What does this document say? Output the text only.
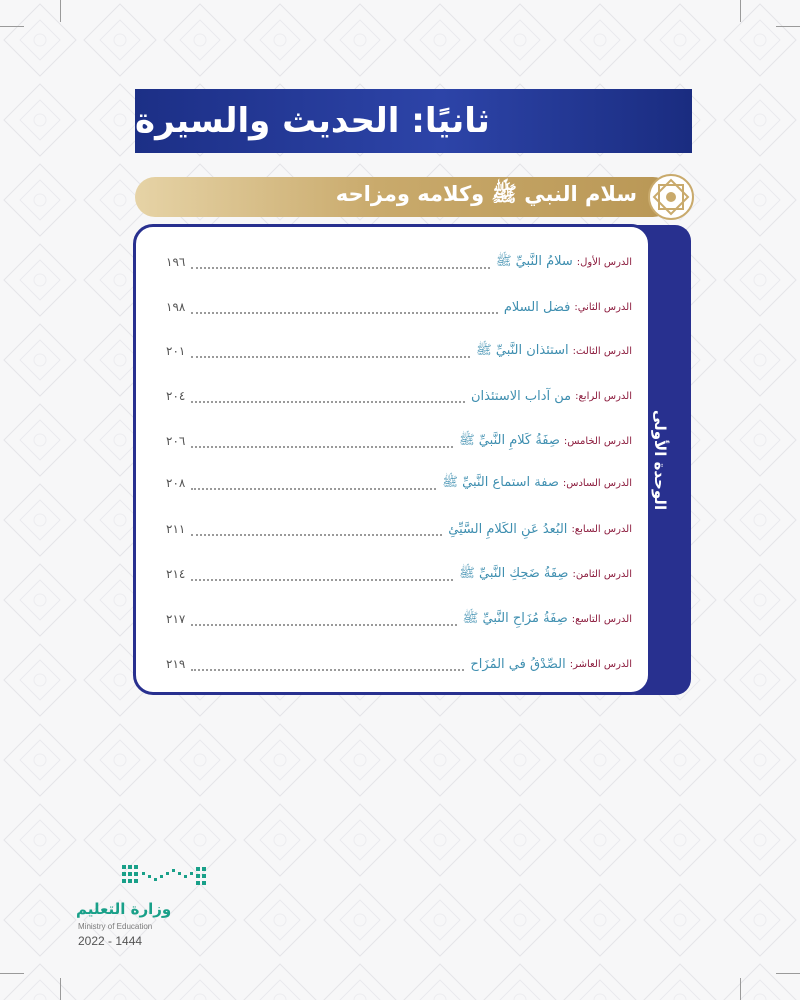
ثانيًا: الحديث والسيرة
سلام النبي ﷺ وكلامه ومزاحه
الوحدة الأولى
الدرس الأول:
سلامُ النَّبيِّ ﷺ
١٩٦
الدرس الثاني:
فضل السلام
١٩٨
الدرس الثالث:
استئذان النَّبيِّ ﷺ
٢٠١
الدرس الرابع:
من آداب الاستئذان
٢٠٤
الدرس الخامس:
صِفَةُ كَلامِ النَّبيِّ ﷺ
٢٠٦
الدرس السادس:
صفة استماع النَّبيِّ ﷺ
٢٠٨
الدرس السابع:
البُعدُ عَنِ الكَلامِ السَّيِّئِ
٢١١
الدرس الثامن:
صِفَةُ ضَحِكِ النَّبيِّ ﷺ
٢١٤
الدرس التاسع:
صِفَةُ مُزَاحِ النَّبيِّ ﷺ
٢١٧
الدرس العاشر:
الصِّدْقُ في المُزَاح
٢١٩
وزارة التعليم
Ministry of Education
2022 - 1444
